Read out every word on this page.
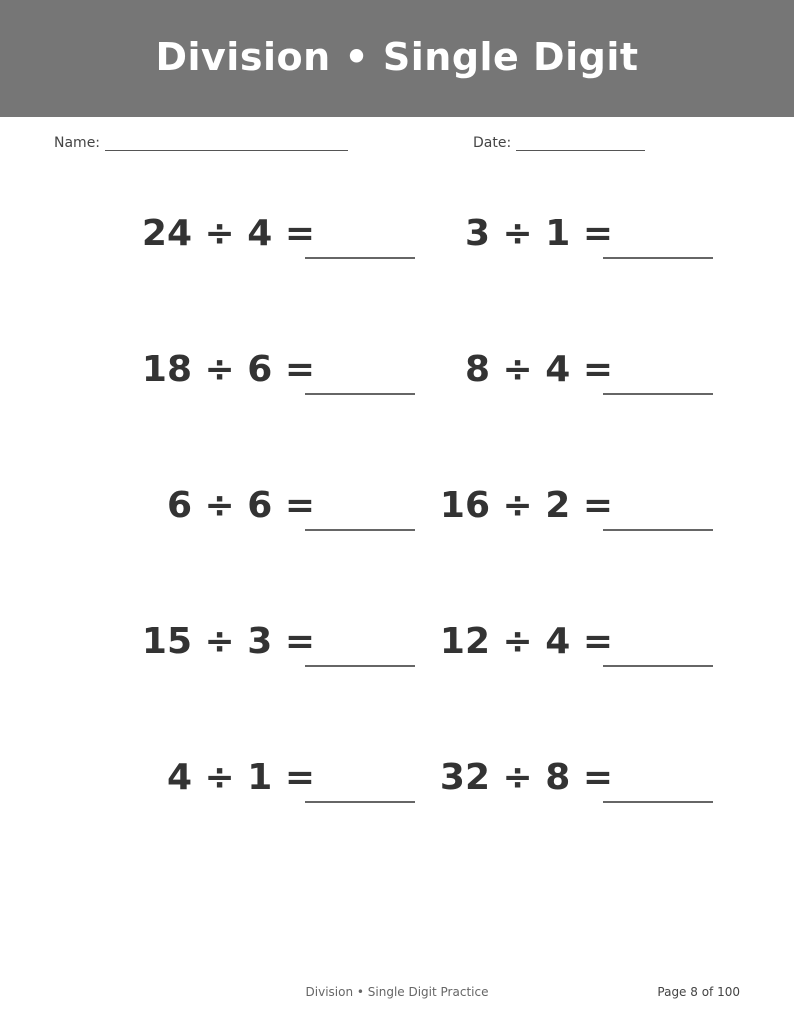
Division • Single Digit
Name:	Date:
24 ÷ 4 =	3 ÷ 1 =
18 ÷ 6 =	8 ÷ 4 =
6 ÷ 6 =	16 ÷ 2 =
15 ÷ 3 =	12 ÷ 4 =
4 ÷ 1 =	32 ÷ 8 =
Division • Single Digit Practice	Page 8 of 100
